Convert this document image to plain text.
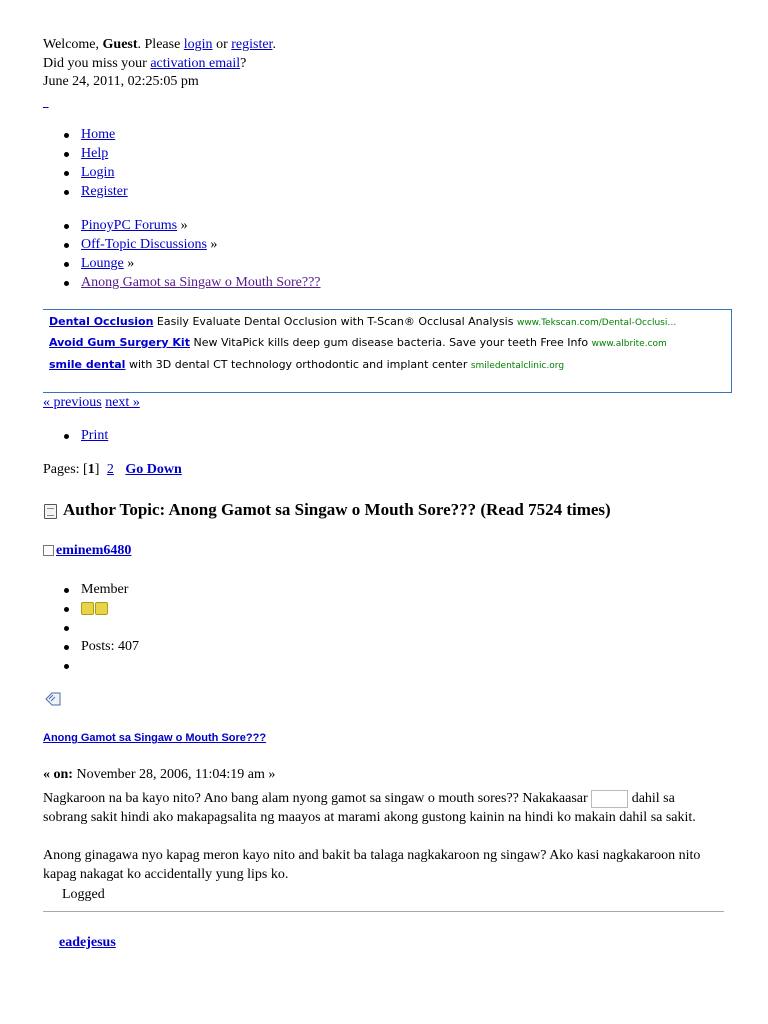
Welcome, Guest. Please login or register.
Did you miss your activation email?
June 24, 2011, 02:25:05 pm
_
Home
Help
Login
Register
PinoyPC Forums »
Off-Topic Discussions »
Lounge »
Anong Gamot sa Singaw o Mouth Sore???
Dental Occlusion Easily Evaluate Dental Occlusion with T-Scan® Occlusal Analysis www.Tekscan.com/Dental-Occlusi…
Avoid Gum Surgery Kit New VitaPick kills deep gum disease bacteria. Save your teeth Free Info www.albrite.com
smile dental with 3D dental CT technology orthodontic and implant center smiledentalclinic.org
« previous next »
Print
Pages: [1] 2 Go Down
Author Topic: Anong Gamot sa Singaw o Mouth Sore??? (Read 7524 times)
eminem6480
Member
Posts: 407
Anong Gamot sa Singaw o Mouth Sore???
« on: November 28, 2006, 11:04:19 am »
Nagkaroon na ba kayo nito? Ano bang alam nyong gamot sa singaw o mouth sores?? Nakakaasar	dahil sa
sobrang sakit hindi ako makapagsalita ng maayos at marami akong gustong kainin na hindi ko makain dahil sa sakit.
Anong ginagawa nyo kapag meron kayo nito and bakit ba talaga nagkakaroon ng singaw? Ako kasi nagkakaroon nito
kapag nakagat ko accidentally yung lips ko.
Logged
eadejesus
